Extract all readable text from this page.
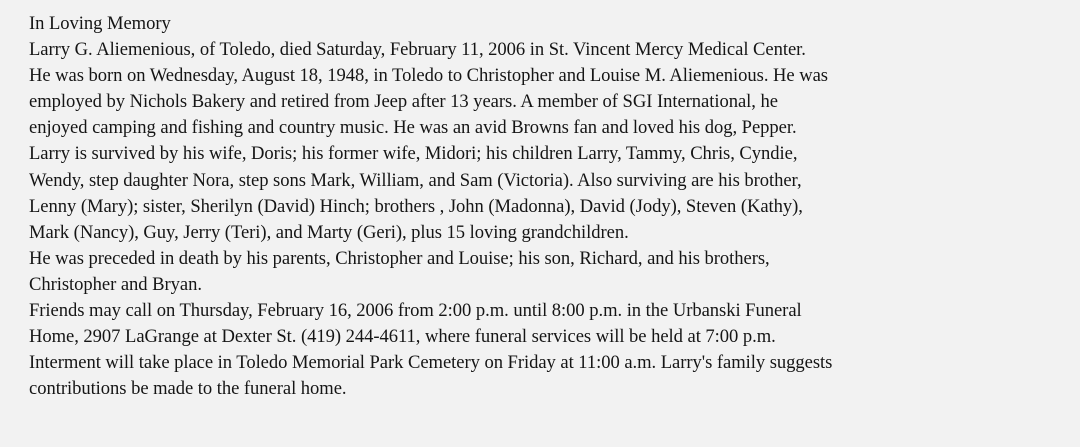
In Loving Memory
Larry G. Aliemenious, of Toledo, died Saturday, February 11, 2006 in St. Vincent Mercy Medical Center.
He was born on Wednesday, August 18, 1948, in Toledo to Christopher and Louise M. Aliemenious. He was
employed by Nichols Bakery and retired from Jeep after 13 years. A member of SGI International, he
enjoyed camping and fishing and country music. He was an avid Browns fan and loved his dog, Pepper.
Larry is survived by his wife, Doris; his former wife, Midori; his children Larry, Tammy, Chris, Cyndie,
Wendy, step daughter Nora, step sons Mark, William, and Sam (Victoria). Also surviving are his brother,
Lenny (Mary); sister, Sherilyn (David) Hinch; brothers , John (Madonna), David (Jody), Steven (Kathy),
Mark (Nancy), Guy, Jerry (Teri), and Marty (Geri), plus 15 loving grandchildren.
He was preceded in death by his parents, Christopher and Louise; his son, Richard, and his brothers,
Christopher and Bryan.
Friends may call on Thursday, February 16, 2006 from 2:00 p.m. until 8:00 p.m. in the Urbanski Funeral
Home, 2907 LaGrange at Dexter St. (419) 244-4611, where funeral services will be held at 7:00 p.m.
Interment will take place in Toledo Memorial Park Cemetery on Friday at 11:00 a.m. Larry's family suggests
contributions be made to the funeral home.
